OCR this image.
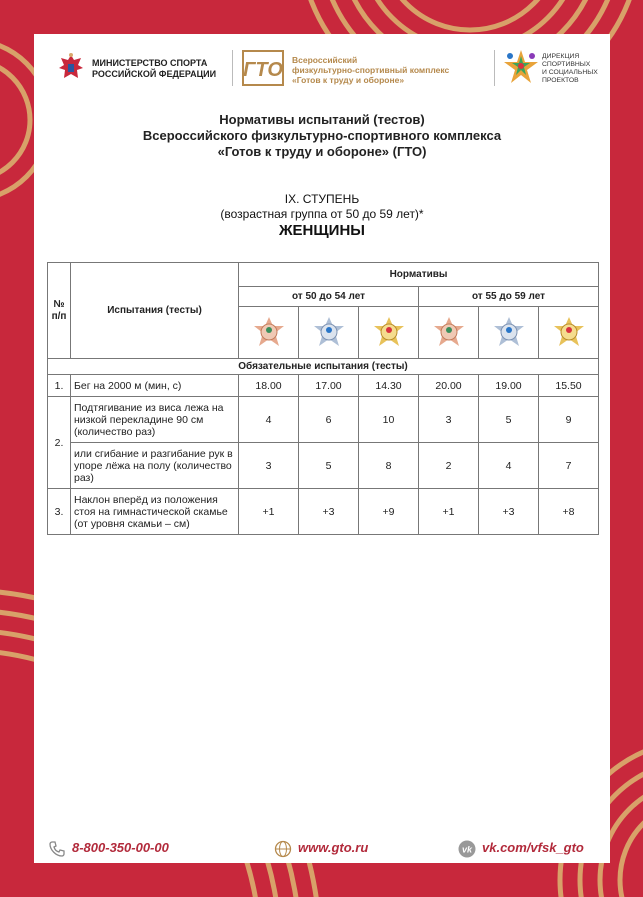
МИНИСТЕРСТВО СПОРТА
РОССИЙСКОЙ ФЕДЕРАЦИИ ГТО Всероссийский
физкультурно-спортивный комплекс
«Готов к труду и обороне»
ДИРЕКЦИЯ
СПОРТИВНЫХ
И СОЦИАЛЬНЫХ
ПРОЕКТОВ
Нормативы испытаний (тестов)
Всероссийского физкультурно-спортивного комплекса
«Готов к труду и обороне» (ГТО)
IX. СТУПЕНЬ
(возрастная группа от 50 до 59 лет)*
ЖЕНЩИНЫ
№
п/п	Испытания (тесты)	Нормативы					
		от 50 до 54 лет			от 55 до 59 лет		

Обязательные испытания (тесты)							
1.	Бег на 2000 м (мин, с)	18.00	17.00	14.30	20.00	19.00	15.50
2.	Подтягивание из виса лежа на низкой перекладине 90 см (количество раз)	4	6	10	3	5	9
	или сгибание и разгибание рук в упоре лёжа на полу (количество раз)	3	5	8	2	4	7
3.	Наклон вперёд из положения стоя на гимнастической скамье (от уровня скамьи – см)	+1	+3	+9	+1	+3	+8
8-800-350-00-00	www.gto.ru	vk vk.com/vfsk_gto
